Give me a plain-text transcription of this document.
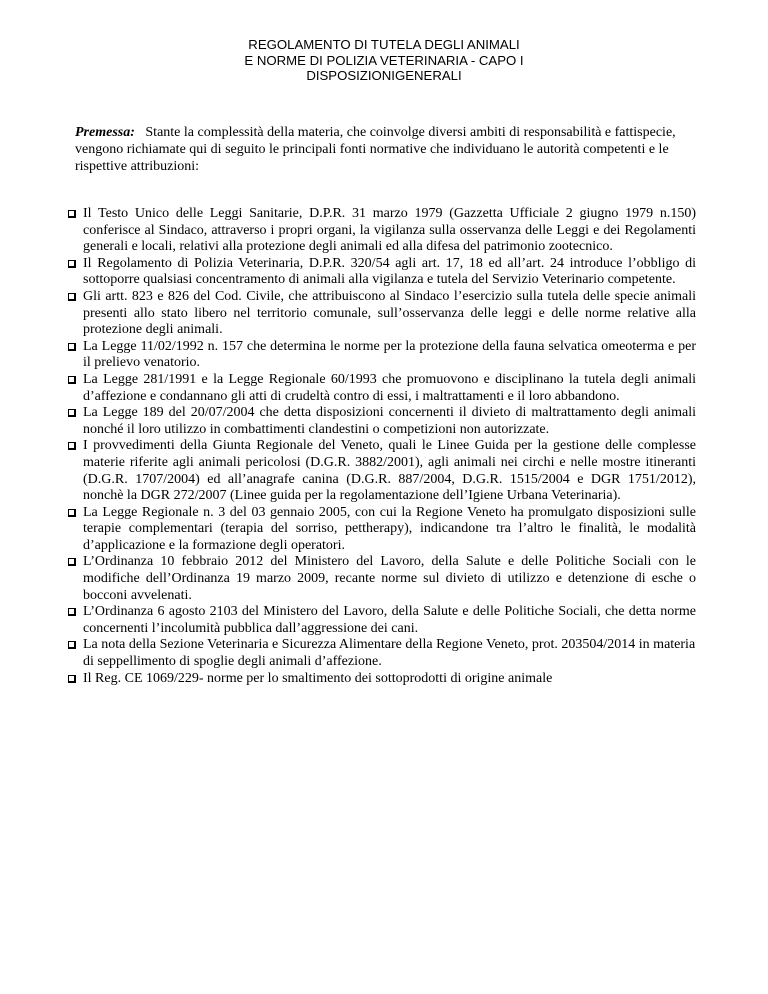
REGOLAMENTO DI TUTELA DEGLI ANIMALI
E NORME DI POLIZIA VETERINARIA - CAPO I
DISPOSIZIONIGENERALI
Premessa: Stante la complessità della materia, che coinvolge diversi ambiti di responsabilità e fattispecie, vengono richiamate qui di seguito le principali fonti normative che individuano le autorità competenti e le rispettive attribuzioni:
Il Testo Unico delle Leggi Sanitarie, D.P.R. 31 marzo 1979 (Gazzetta Ufficiale 2 giugno 1979 n.150) conferisce al Sindaco, attraverso i propri organi, la vigilanza sulla osservanza delle Leggi e dei Regolamenti generali e locali, relativi alla protezione degli animali ed alla difesa del patrimonio zootecnico.
Il Regolamento di Polizia Veterinaria, D.P.R. 320/54 agli art. 17, 18 ed all’art. 24 introduce l’obbligo di sottoporre qualsiasi concentramento di animali alla vigilanza e tutela del Servizio Veterinario competente.
Gli artt. 823 e 826 del Cod. Civile, che attribuiscono al Sindaco l’esercizio sulla tutela delle specie animali presenti allo stato libero nel territorio comunale, sull’osservanza delle leggi e delle norme relative alla protezione degli animali.
La Legge 11/02/1992 n. 157 che determina le norme per la protezione della fauna selvatica omeoterma e per il prelievo venatorio.
La Legge 281/1991 e la Legge Regionale 60/1993 che promuovono e disciplinano la tutela degli animali d’affezione e condannano gli atti di crudeltà contro di essi, i maltrattamenti e il loro abbandono.
La Legge 189 del 20/07/2004 che detta disposizioni concernenti il divieto di maltrattamento degli animali nonché il loro utilizzo in combattimenti clandestini o competizioni non autorizzate.
I provvedimenti della Giunta Regionale del Veneto, quali le Linee Guida per la gestione delle complesse materie riferite agli animali pericolosi (D.G.R. 3882/2001), agli animali nei circhi e nelle mostre itineranti (D.G.R. 1707/2004) ed all’anagrafe canina (D.G.R. 887/2004, D.G.R. 1515/2004 e DGR 1751/2012), nonchè la DGR 272/2007 (Linee guida per la regolamentazione dell’Igiene Urbana Veterinaria).
La Legge Regionale n. 3 del 03 gennaio 2005, con cui la Regione Veneto ha promulgato disposizioni sulle terapie complementari (terapia del sorriso, pettherapy), indicandone tra l’altro le finalità, le modalità d’applicazione e la formazione degli operatori.
L’Ordinanza 10 febbraio 2012 del Ministero del Lavoro, della Salute e delle Politiche Sociali con le modifiche dell’Ordinanza 19 marzo 2009, recante norme sul divieto di utilizzo e detenzione di esche o bocconi avvelenati.
L’Ordinanza 6 agosto 2103 del Ministero del Lavoro, della Salute e delle Politiche Sociali, che detta norme concernenti l’incolumità pubblica dall’aggressione dei cani.
La nota della Sezione Veterinaria e Sicurezza Alimentare della Regione Veneto, prot. 203504/2014 in materia di seppellimento di spoglie degli animali d’affezione.
Il Reg. CE 1069/229- norme per lo smaltimento dei sottoprodotti di origine animale
